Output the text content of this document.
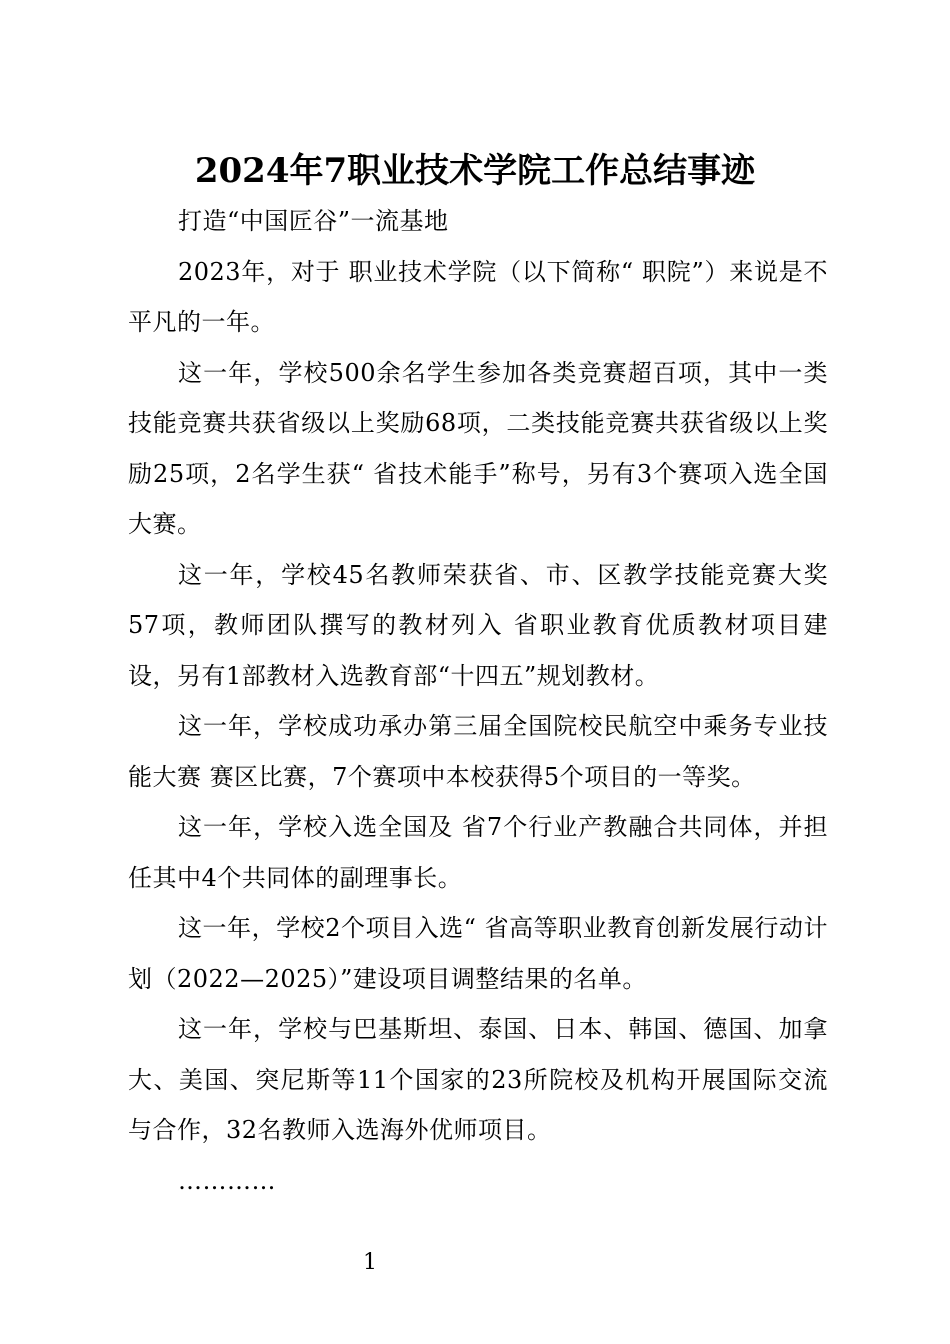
2024年7职业技术学院工作总结事迹

打造“中国匠谷”一流基地

2023年，对于 职业技术学院（以下简称“ 职院”）来说是不平凡的一年。

这一年，学校500余名学生参加各类竞赛超百项，其中一类技能竞赛共获省级以上奖励68项，二类技能竞赛共获省级以上奖励25项，2名学生获“ 省技术能手”称号，另有3个赛项入选全国大赛。

这一年，学校45名教师荣获省、市、区教学技能竞赛大奖57项，教师团队撰写的教材列入 省职业教育优质教材项目建设，另有1部教材入选教育部“十四五”规划教材。

这一年，学校成功承办第三届全国院校民航空中乘务专业技能大赛 赛区比赛，7个赛项中本校获得5个项目的一等奖。

这一年，学校入选全国及 省7个行业产教融合共同体，并担任其中4个共同体的副理事长。

这一年，学校2个项目入选“ 省高等职业教育创新发展行动计划（2022—2025）”建设项目调整结果的名单。

这一年，学校与巴基斯坦、泰国、日本、韩国、德国、加拿大、美国、突尼斯等11个国家的23所院校及机构开展国际交流与合作，32名教师入选海外优师项目。

…………

1
